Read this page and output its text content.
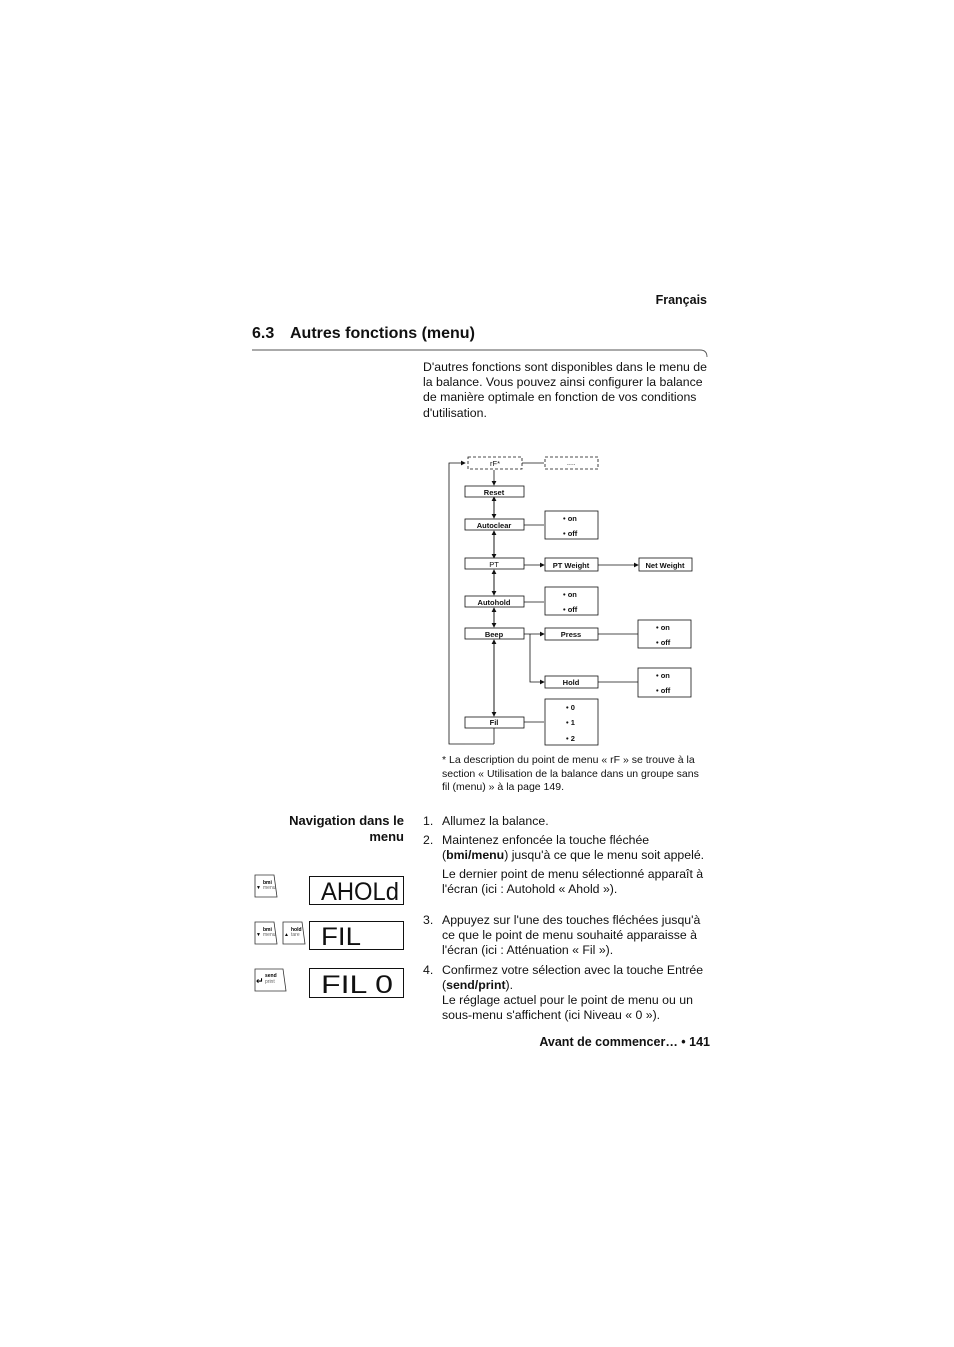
Français
6.3 Autres fonctions (menu)
D'autres fonctions sont disponibles dans le menu de la balance. Vous pouvez ainsi configurer la balance de manière optimale en fonction de vos conditions d'utilisation.
rF*	....
Reset
Autoclear
• on
• off
PT	PT Weight	Net Weight
Autohold
• on
• off
Beep	Press
• on
• off
Hold
• on
• off
Fil
• 0
• 1
• 2
* La description du point de menu « rF » se trouve à la section « Utilisation de la balance dans un groupe sans fil (menu) » à la page 149.
Navigation dans le
menu
1. Allumez la balance.

2. Maintenez enfoncée la touche fléchée (bmi/menu) jusqu'à ce que le menu soit appelé.

Le dernier point de menu sélectionné apparaît à l'écran (ici : Autohold « Ahold »).

3. Appuyez sur l'une des touches fléchées jusqu'à ce que le point de menu souhaité apparaisse à l'écran (ici : Atténuation « Fil »).

4. Confirmez votre sélection avec la touche Entrée (send/print).

Le réglage actuel pour le point de menu ou un sous-menu s'affichent (ici Niveau « 0 »).

▼
bmi
menu
▼
bmi
menu ▲
hold
tare
↵ send
print
AHOLd
FIL
FIL 0
Avant de commencer… • 141
